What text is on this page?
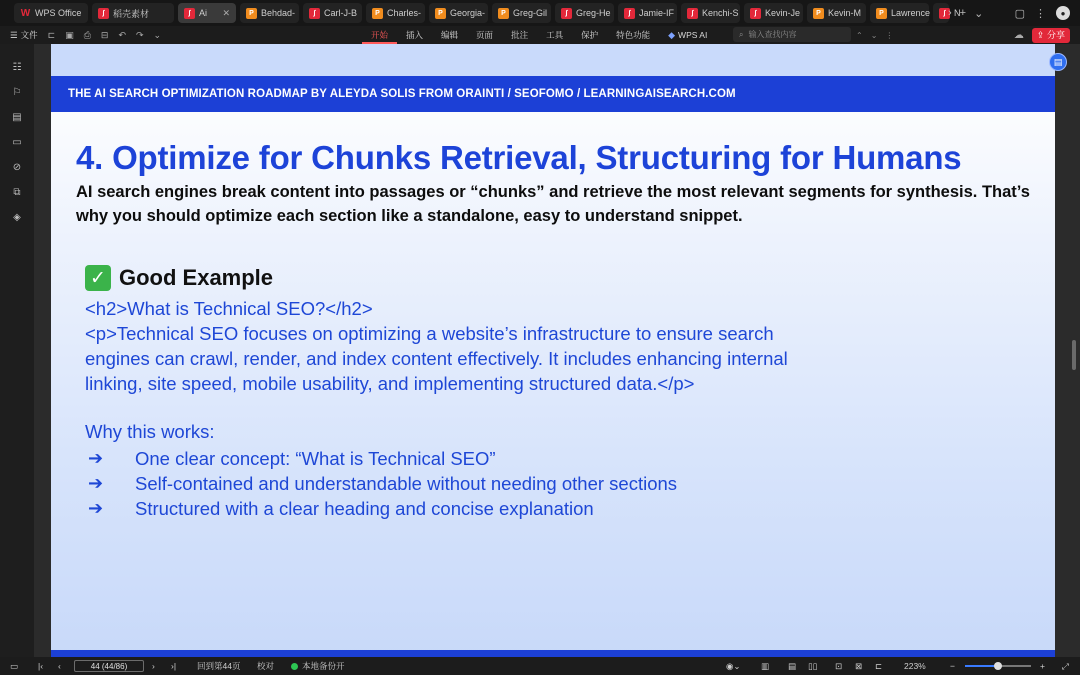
W WPS Office	∫ 稻壳素材	∫ Ai ✕	P Behdad-	∫ Carl-J-B	P Charles-	P Georgia-	P Greg-Gil	∫ Greg-He	∫ Jamie-IF	∫ Kenchi-S	∫ Kevin-Je	P Kevin-M	P Lawrence	∫ N
› + ⌄	▢ ⋮	●
☰ 文件 ⊏ ▣ ⎙ ⊟ ↶ ↷ ⌄	开始	插入	编辑	页面	批注	工具	保护	特色功能	◆ WPS AI	⌕ 输入查找内容	⌃ ⌄ ⋮	☁	⇪ 分享
☷
⚐
▤
▭
⊘
⧉
◈
THE AI SEARCH OPTIMIZATION ROADMAP BY ALEYDA SOLIS FROM ORAINTI / SEOFOMO / LEARNINGAISEARCH.COM
4. Optimize for Chunks Retrieval, Structuring for Humans
AI search engines break content into passages or “chunks” and retrieve the most relevant segments for synthesis. That’s why you should optimize each section like a standalone, easy to understand snippet.
✓ Good Example
<h2>What is Technical SEO?</h2>
<p>Technical SEO focuses on optimizing a website’s infrastructure to ensure search
engines can crawl, render, and index content effectively. It includes enhancing internal
linking, site speed, mobile usability, and implementing structured data.</p>
Why this works:
➔	One clear concept: “What is Technical SEO”
➔	Self-contained and understandable without needing other sections
➔	Structured with a clear heading and concise explanation
▤
▭ |‹ ‹	44 (44/86)	› ›| 回到第44页 校对	本地备份开	◉⌄ ▥ ▤ ▯▯ ⊡ ⊠ ⊏	223%	−	+ ⤢
